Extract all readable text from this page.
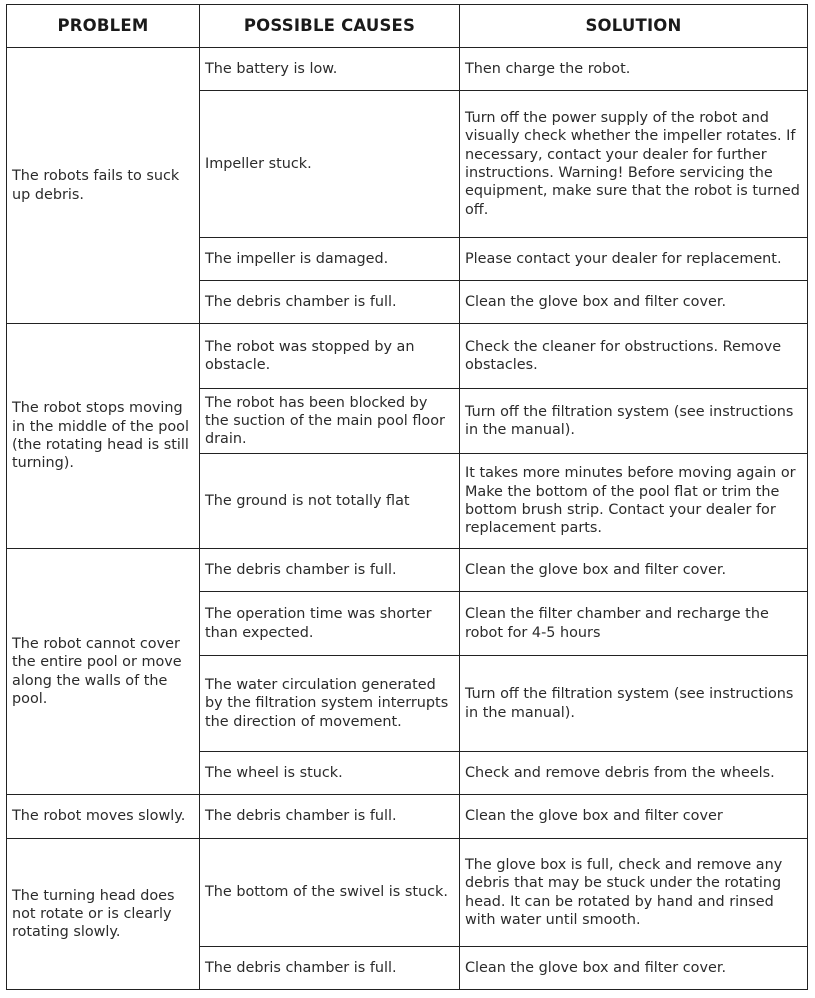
PROBLEM	POSSIBLE CAUSES	SOLUTION
The robots fails to suck up debris.	The battery is low.	Then charge the robot.
	Impeller stuck.	Turn off the power supply of the robot and visually check whether the impeller rotates. If necessary, contact your dealer for further instructions. Warning! Before servicing the equipment, make sure that the robot is turned off.
	The impeller is damaged.	Please contact your dealer for replacement.
	The debris chamber is full.	Clean the glove box and filter cover.
The robot stops moving in the middle of the pool (the rotating head is still turning).	The robot was stopped by an obstacle.	Check the cleaner for obstructions. Remove obstacles.
	The robot has been blocked by the suction of the main pool floor drain.	Turn off the filtration system (see instructions in the manual).
	The ground is not totally flat	It takes more minutes before moving again or Make the bottom of the pool flat or trim the bottom brush strip. Contact your dealer for replacement parts.
The robot cannot cover the entire pool or move along the walls of the pool.	The debris chamber is full.	Clean the glove box and filter cover.
	The operation time was shorter than expected.	Clean the filter chamber and recharge the robot for 4-5 hours
	The water circulation generated by the filtration system interrupts the direction of movement.	Turn off the filtration system (see instructions in the manual).
	The wheel is stuck.	Check and remove debris from the wheels.
The robot moves slowly.	The debris chamber is full.	Clean the glove box and filter cover
The turning head does not rotate or is clearly rotating slowly.	The bottom of the swivel is stuck.	The glove box is full, check and remove any debris that may be stuck under the rotating head. It can be rotated by hand and rinsed with water until smooth.
	The debris chamber is full.	Clean the glove box and filter cover.
